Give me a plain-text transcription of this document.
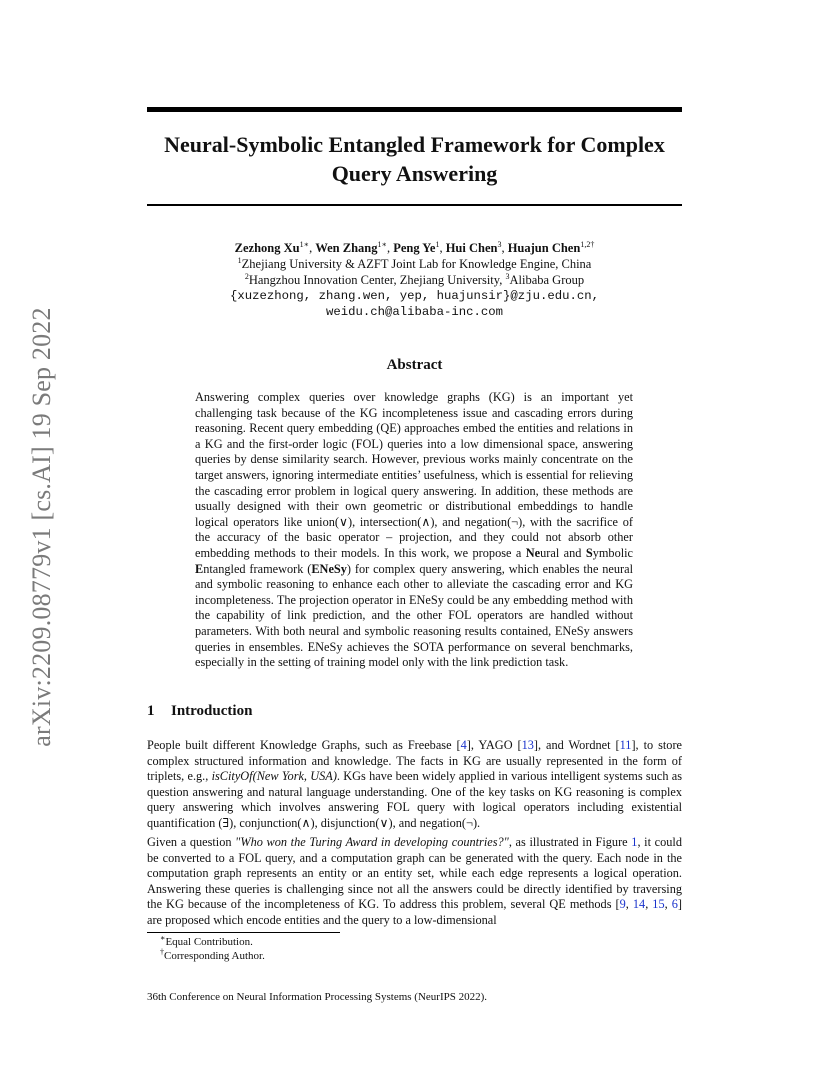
arXiv:2209.08779v1 [cs.AI] 19 Sep 2022
Neural-Symbolic Entangled Framework for Complex Query Answering
Zezhong $Xu^{1∗}$, Wen Zhang$^{1∗}$, Peng Ye$^1$, Hui Chen$^3$, Huajun Chen$^{1,2\dagger}$
$^1$Zhejiang University & AZFT Joint Lab for Knowledge Engine, China
$^2$Hangzhou Innovation Center, Zhejiang University, $^3$Alibaba Group
{xuzezhong, zhang.wen, yep, huajunsir}@zju.edu.cn,
weidu.ch@alibaba-inc.com
Abstract

Answering complex queries over knowledge graphs (KG) is an important yet challenging task because of the KG incompleteness issue and cascading errors during reasoning. Recent query embedding (QE) approaches embed the entities and relations in a KG and the first-order logic (FOL) queries into a low dimensional space, answering queries by dense similarity search. However, previous works mainly concentrate on the target answers, ignoring intermediate entities’ usefulness, which is essential for relieving the cascading error problem in logical query answering. In addition, these methods are usually designed with their own geometric or distributional embeddings to handle logical operators like union(∨), intersection(∧), and negation(¬), with the sacrifice of the accuracy of the basic operator – projection, and they could not absorb other embedding methods to their models. In this work, we propose a Neural and Symbolic Entangled framework (ENeSy) for complex query answering, which enables the neural and symbolic reasoning to enhance each other to alleviate the cascading error and KG incompleteness. The projection operator in ENeSy could be any embedding method with the capability of link prediction, and the other FOL operators are handled without parameters. With both neural and symbolic reasoning results contained, ENeSy answers queries in ensembles. ENeSy achieves the SOTA performance on several benchmarks, especially in the setting of training model only with the link prediction task.

1 Introduction

People built different Knowledge Graphs, such as Freebase [4], YAGO [13], and Wordnet [11], to store complex structured information and knowledge. The facts in KG are usually represented in the form of triplets, e.g., isCityOf(New York, USA). KGs have been widely applied in various intelligent systems such as question answering and natural language understanding. One of the key tasks on KG reasoning is complex query answering which involves answering FOL query with logical operators including existential quantification (∃), conjunction(∧), disjunction(∨), and negation(¬).

Given a question "Who won the Turing Award in developing countries?", as illustrated in Figure 1, it could be converted to a FOL query, and a computation graph can be generated with the query. Each node in the computation graph represents an entity or an entity set, while each edge represents a logical operation. Answering these queries is challenging since not all the answers could be directly identified by traversing the KG because of the incompleteness of KG. To address this problem, several QE methods [9, 14, 15, 6] are proposed which encode entities and the query to a low-dimensional

∗Equal Contribution.

†Corresponding Author.

36th Conference on Neural Information Processing Systems (NeurIPS 2022).
